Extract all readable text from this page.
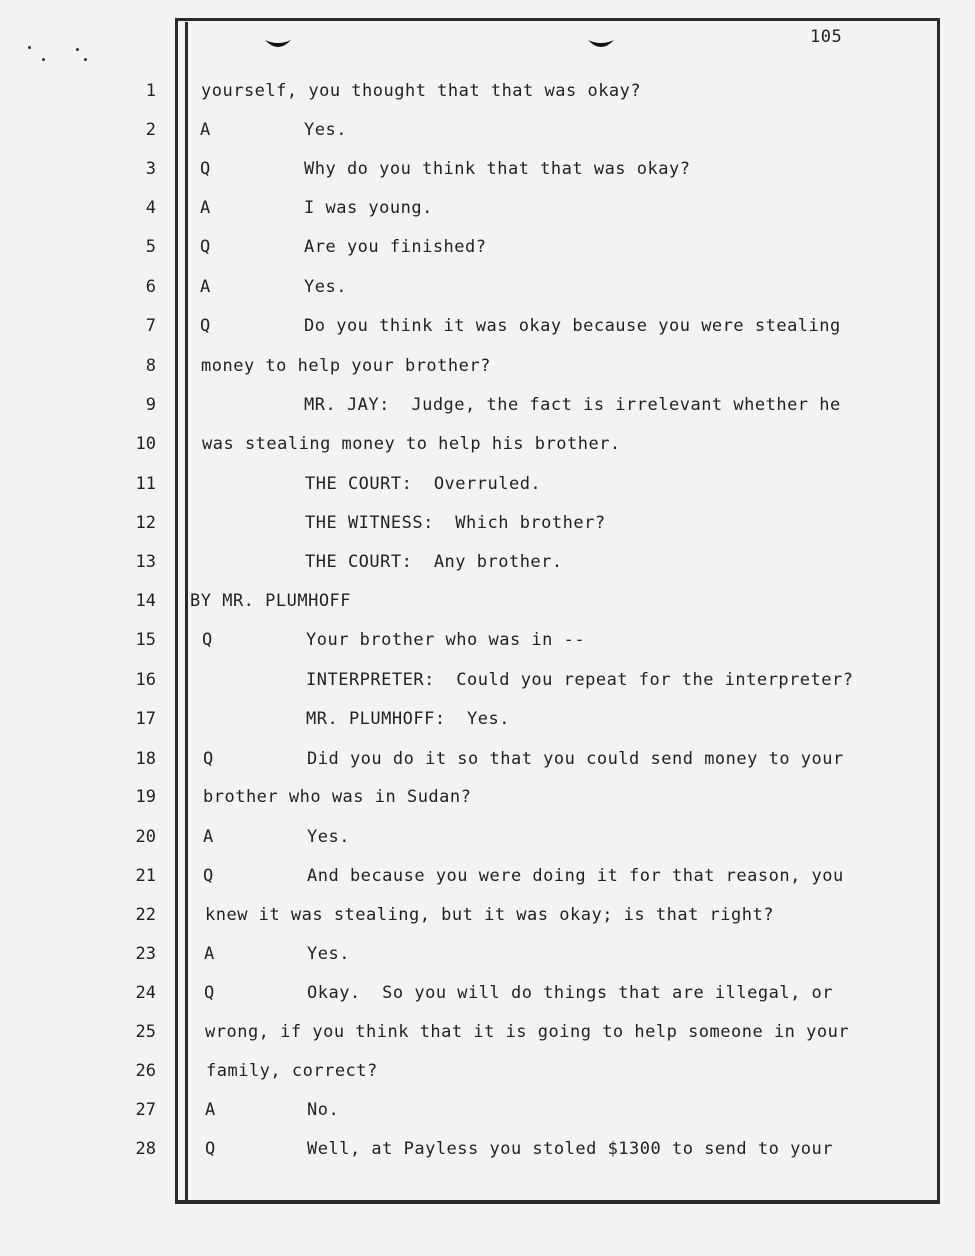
105
1	yourself, you thought that that was okay?
2	A	Yes.
3	Q	Why do you think that that was okay?
4	A	I was young.
5	Q	Are you finished?
6	A	Yes.
7	Q	Do you think it was okay because you were stealing
8	money to help your brother?
9	MR. JAY:  Judge, the fact is irrelevant whether he
10	was stealing money to help his brother.
11	THE COURT:  Overruled.
12	THE WITNESS:  Which brother?
13	THE COURT:  Any brother.
14 BY MR. PLUMHOFF
15	Q	Your brother who was in --
16	INTERPRETER:  Could you repeat for the interpreter?
17	MR. PLUMHOFF:  Yes.
18	Q	Did you do it so that you could send money to your
19	brother who was in Sudan?
20	A	Yes.
21	Q	And because you were doing it for that reason, you
22	knew it was stealing, but it was okay; is that right?
23	A	Yes.
24	Q	Okay.  So you will do things that are illegal, or
25	wrong, if you think that it is going to help someone in your
26	family, correct?
27	A	No.
28	Q	Well, at Payless you stoled $1300 to send to your
